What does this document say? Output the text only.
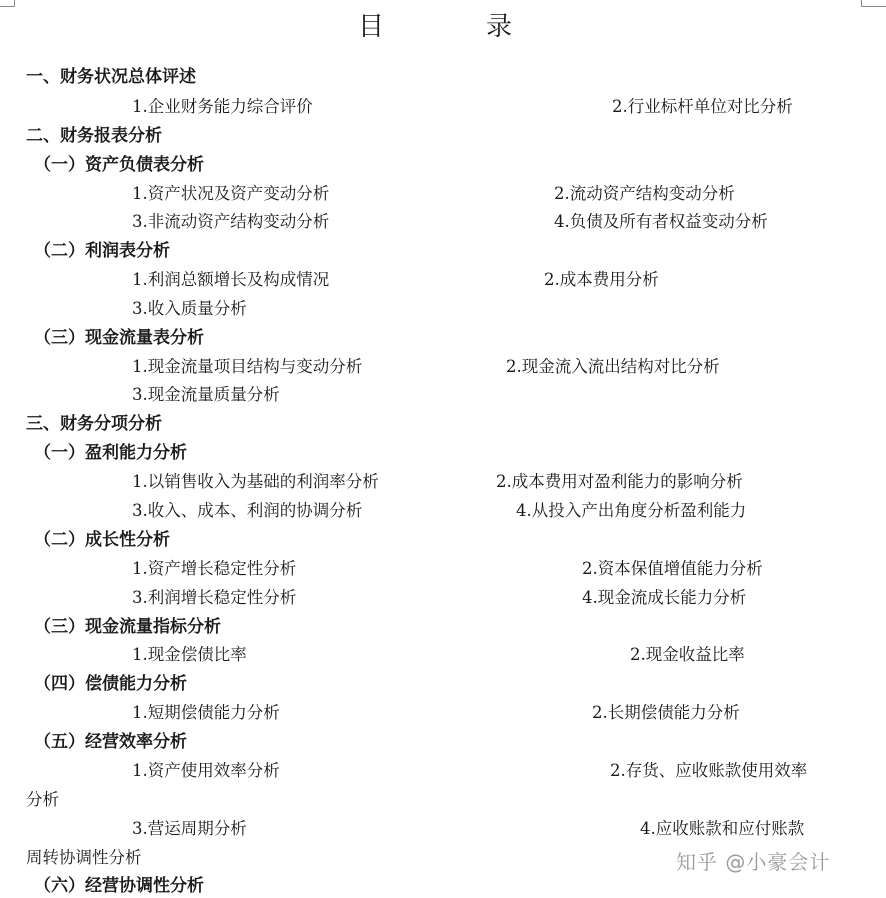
目	录
一、财务状况总体评述
1.企业财务能力综合评价	2.行业标杆单位对比分析
二、财务报表分析
（一）资产负债表分析
1.资产状况及资产变动分析	2.流动资产结构变动分析
3.非流动资产结构变动分析	4.负债及所有者权益变动分析
（二）利润表分析
1.利润总额增长及构成情况	2.成本费用分析
3.收入质量分析
（三）现金流量表分析
1.现金流量项目结构与变动分析	2.现金流入流出结构对比分析
3.现金流量质量分析
三、财务分项分析
（一）盈利能力分析
1.以销售收入为基础的利润率分析	2.成本费用对盈利能力的影响分析
3.收入、成本、利润的协调分析	4.从投入产出角度分析盈利能力
（二）成长性分析
1.资产增长稳定性分析	2.资本保值增值能力分析
3.利润增长稳定性分析	4.现金流成长能力分析
（三）现金流量指标分析
1.现金偿债比率	2.现金收益比率
（四）偿债能力分析
1.短期偿债能力分析	2.长期偿债能力分析
（五）经营效率分析
1.资产使用效率分析	2.存货、应收账款使用效率
分析
3.营运周期分析	4.应收账款和应付账款
周转协调性分析
（六）经营协调性分析
知乎 @小豪会计
